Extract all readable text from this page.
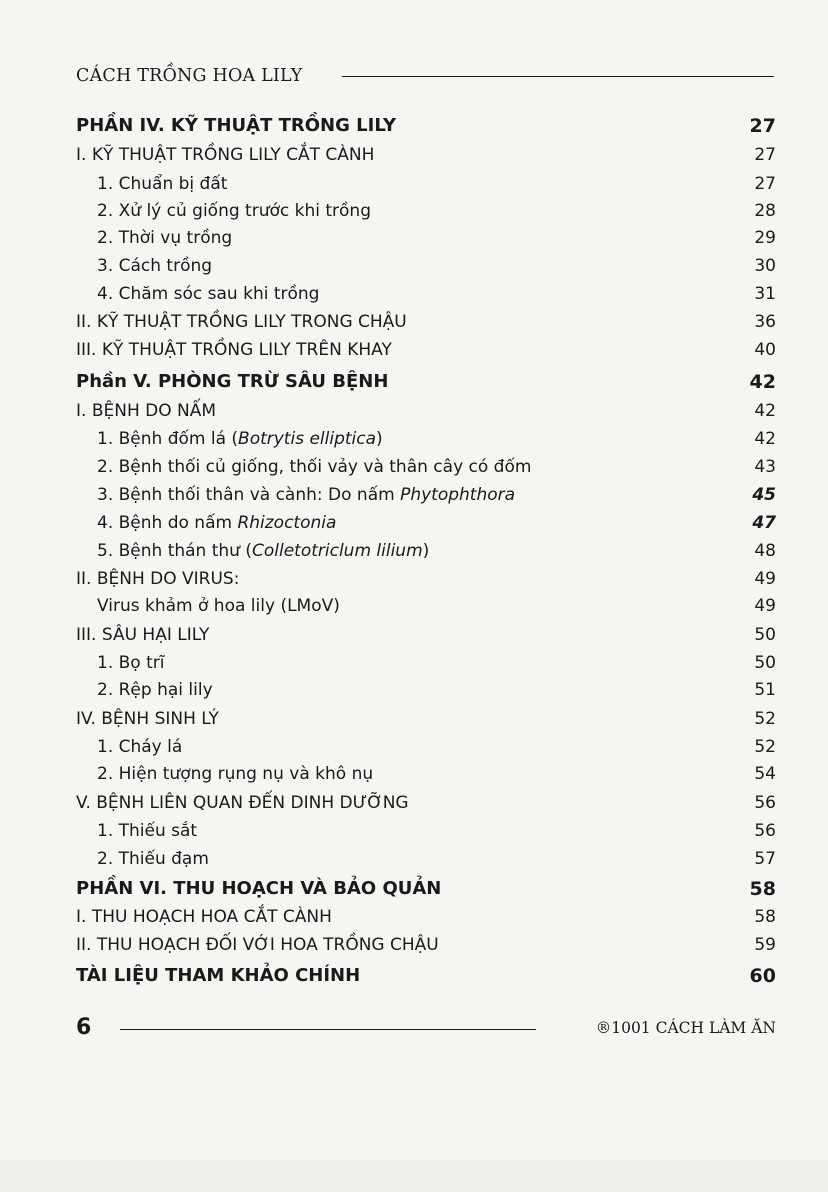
CÁCH TRỒNG HOA LILY
PHẦN IV. KỸ THUẬT TRỒNG LILY	27
I. KỸ THUẬT TRỒNG LILY CẮT CÀNH	27
1. Chuẩn bị đất	27
2. Xử lý củ giống trước khi trồng	28
2. Thời vụ trồng	29
3. Cách trồng	30
4. Chăm sóc sau khi trồng	31
II. KỸ THUẬT TRỒNG LILY TRONG CHẬU	36
III. KỸ THUẬT TRỒNG LILY TRÊN KHAY	40
Phần V. PHÒNG TRỪ SÂU BỆNH	42
I. BỆNH DO NẤM	42
1. Bệnh đốm lá (Botrytis elliptica)	42
2. Bệnh thối củ giống, thối vảy và thân cây có đốm	43
3. Bệnh thối thân và cành: Do nấm Phytophthora	45
4. Bệnh do nấm Rhizoctonia	47
5. Bệnh thán thư (Colletotriclum lilium)	48
II. BỆNH DO VIRUS:	49
Virus khảm ở hoa lily (LMoV)	49
III. SÂU HẠI LILY	50
1. Bọ trĩ	50
2. Rệp hại lily	51
IV. BỆNH SINH LÝ	52
1. Cháy lá	52
2. Hiện tượng rụng nụ và khô nụ	54
V. BỆNH LIÊN QUAN ĐẾN DINH DƯỠNG	56
1. Thiếu sắt	56
2. Thiếu đạm	57
PHẦN VI. THU HOẠCH VÀ BẢO QUẢN	58
I. THU HOẠCH HOA CẮT CÀNH	58
II. THU HOẠCH ĐỐI VỚI HOA TRỒNG CHẬU	59
TÀI LIỆU THAM KHẢO CHÍNH	60
6	®1001 CÁCH LÀM ĂN
